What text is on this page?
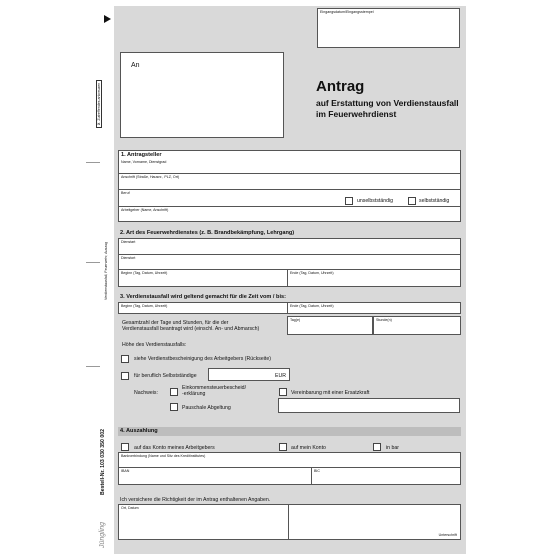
XZutreffendes ankreuzen
Verdienstausfall, Feuerwehr, Auszug
Bestell-Nr. 103 030 350 002
Jüngling
Eingangsdatum/Eingangsstempel
An
Antrag
auf Erstattung von Verdienstausfall
im Feuerwehrdienst
1. Antragsteller
Name, Vorname, Dienstgrad
Anschrift (Straße, Hausnr., PLZ, Ort)
Beruf
unselbstständig	selbstständig
Arbeitgeber (Name, Anschrift)
2. Art des Feuerwehrdienstes (z. B. Brandbekämpfung, Lehrgang)
Dienstart
Dienstort
Beginn (Tag, Datum, Uhrzeit)	Ende (Tag, Datum, Uhrzeit)
3. Verdienstausfall wird geltend gemacht für die Zeit vom / bis:
Beginn (Tag, Datum, Uhrzeit)	Ende (Tag, Datum, Uhrzeit)
Gesamtzahl der Tage und Stunden, für die der
Verdienstausfall beantragt wird (einschl. An- und Abmarsch)
Tag(e)	Stunde(n)
Höhe des Verdienstausfalls:
siehe Verdienstbescheinigung des Arbeitgebers (Rückseite)
für beruflich Selbstständige	EUR
Nachweis:
Einkommensteuerbescheid/
-erklärung	Vereinbarung mit einer Ersatzkraft
Pauschale Abgeltung
4. Auszahlung
auf das Konto meines Arbeitgebers	auf mein Konto	in bar
Bankverbindung (Name und Sitz des Kreditinstitutes)
IBAN	BIC
Ich versichere die Richtigkeit der im Antrag enthaltenen Angaben.
Ort, Datum
Unterschrift
